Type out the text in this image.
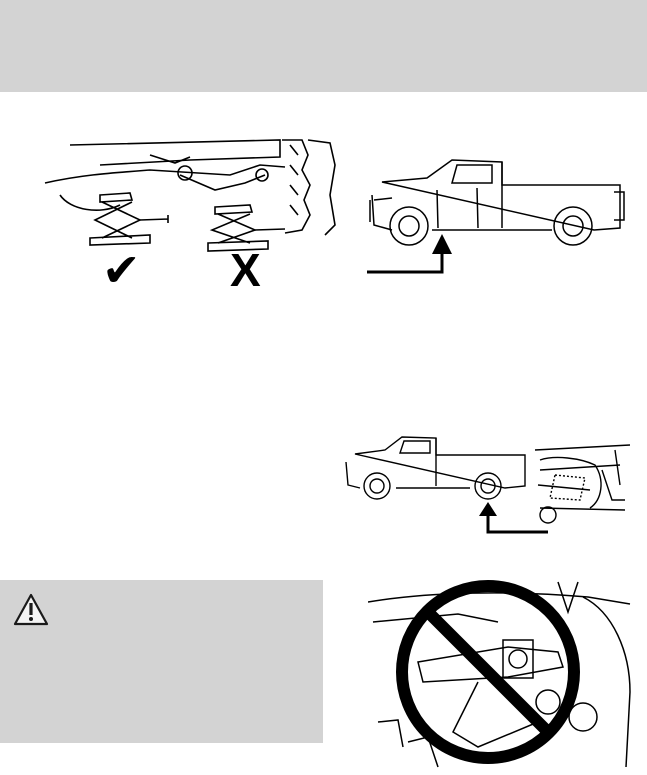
✔ X
